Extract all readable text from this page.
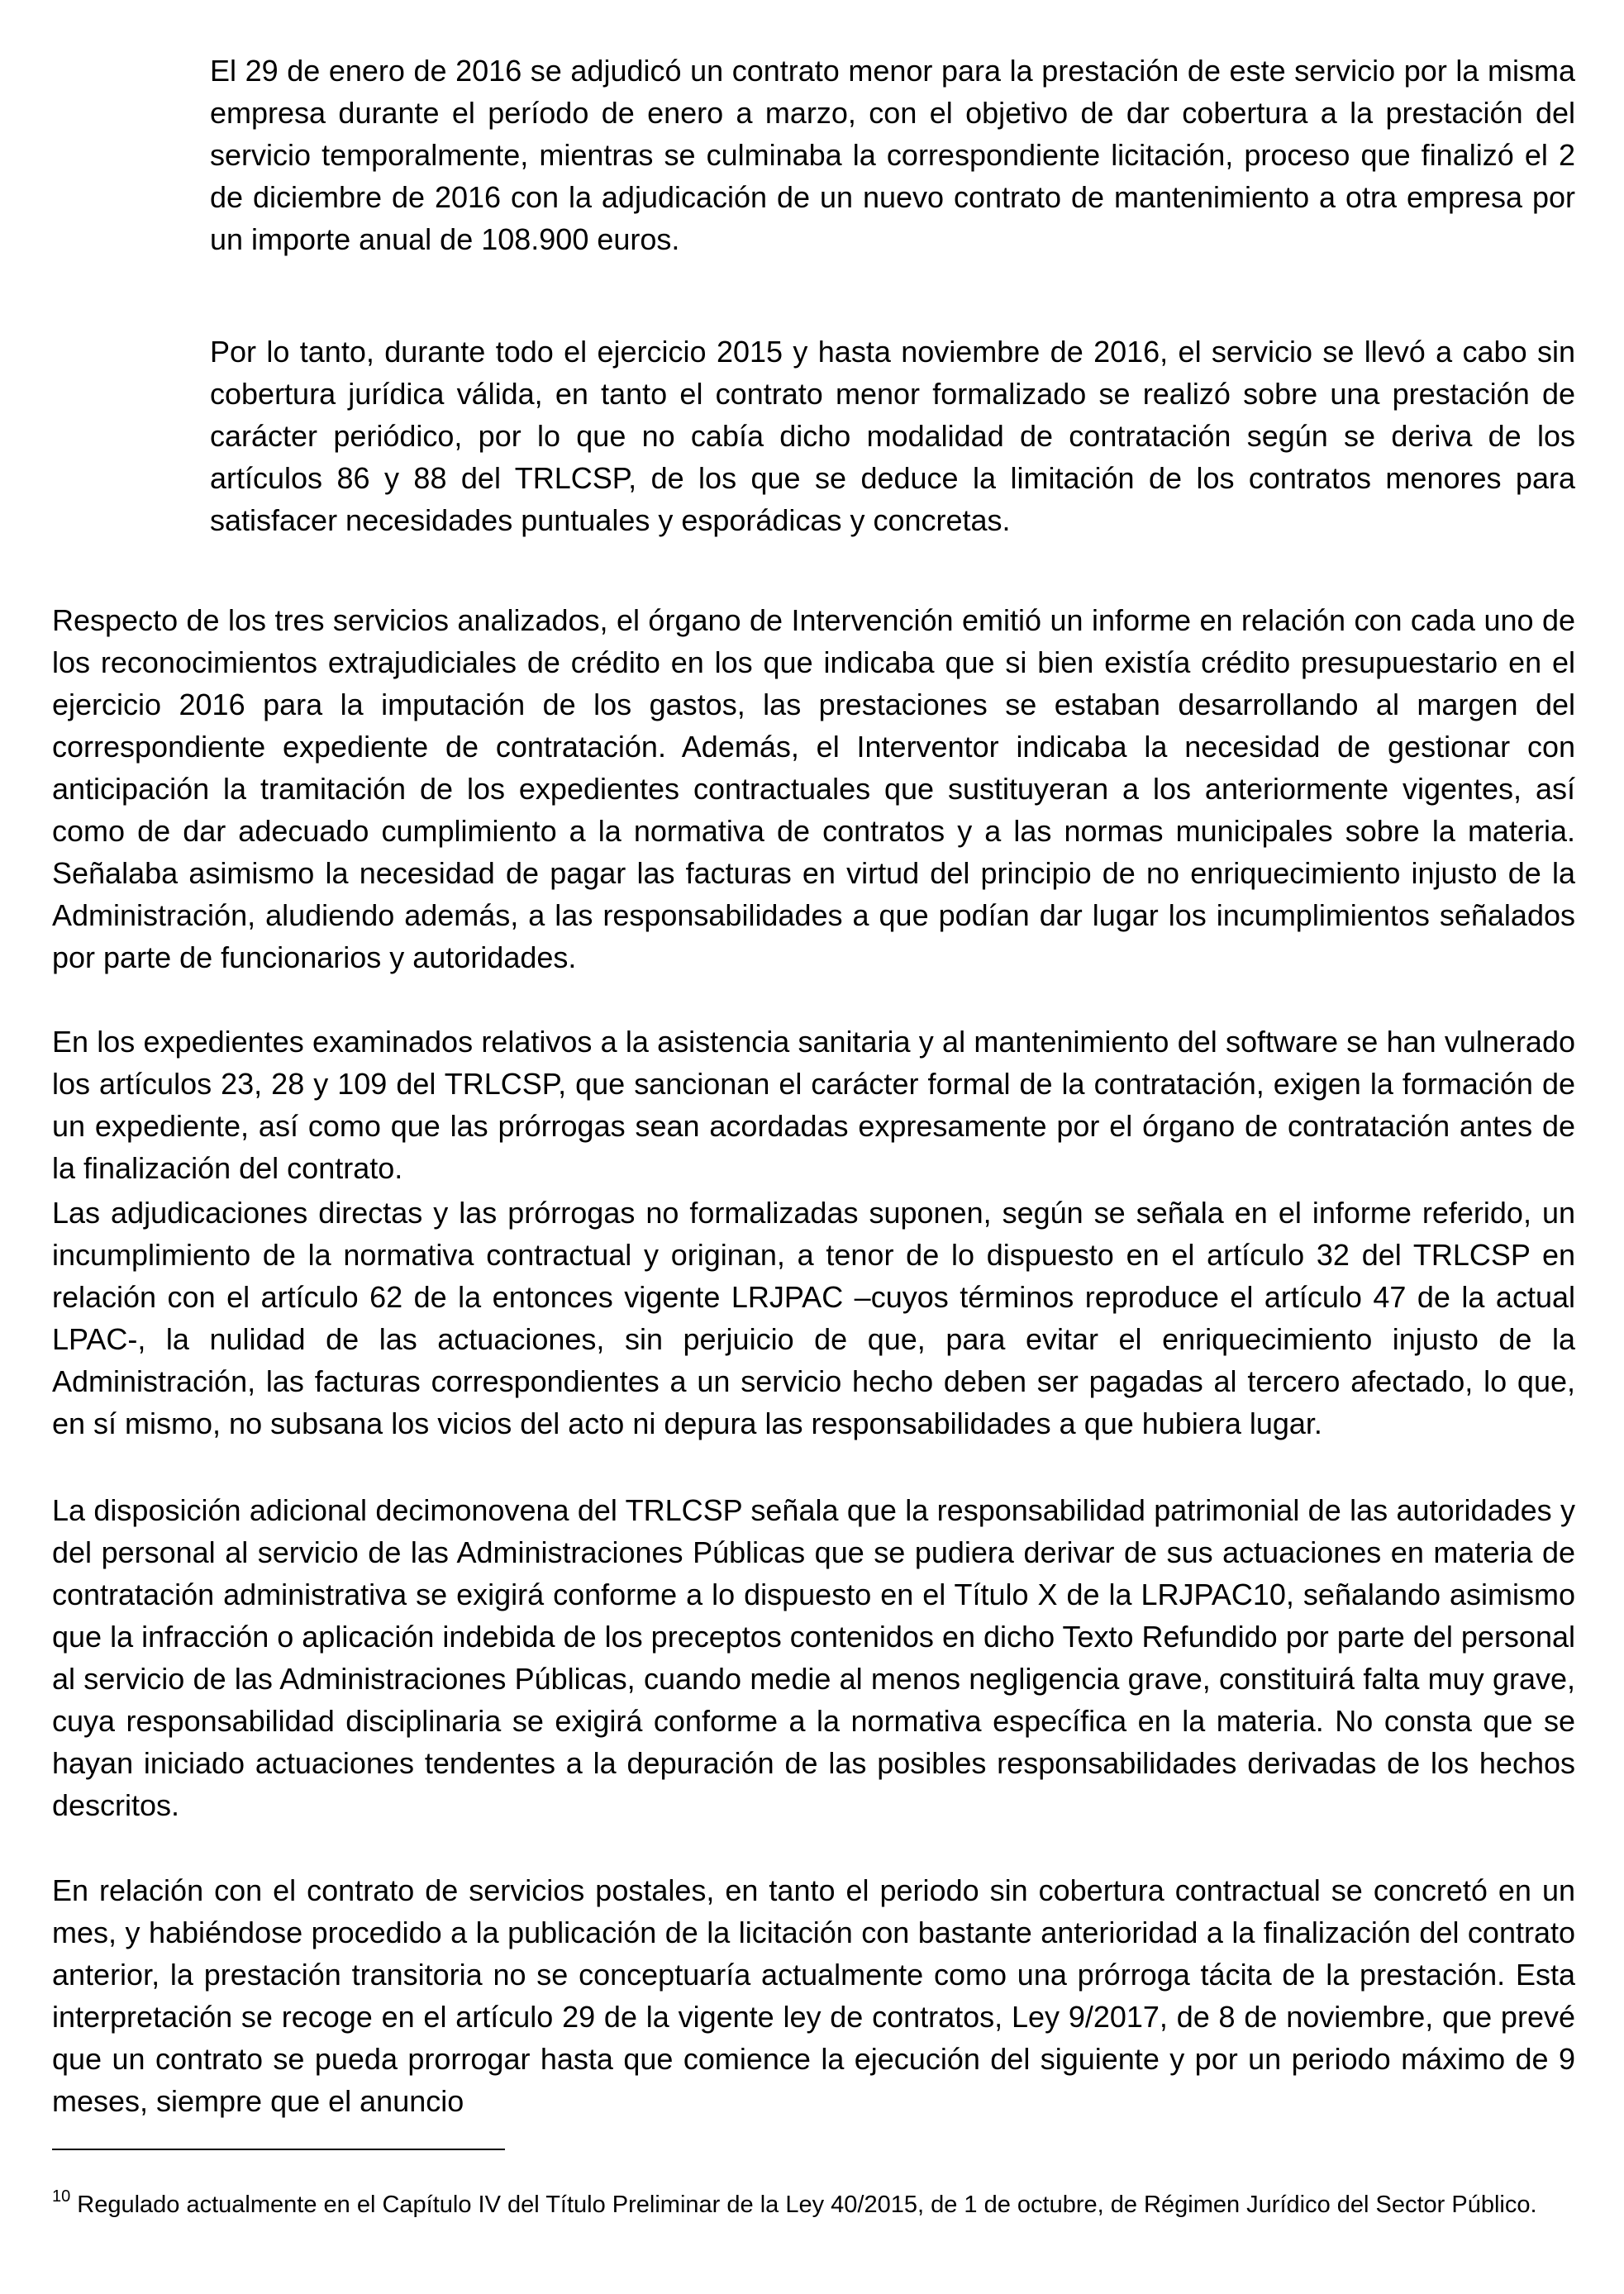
El 29 de enero de 2016 se adjudicó un contrato menor para la prestación de este servicio por la misma empresa durante el período de enero a marzo, con el objetivo de dar cobertura a la prestación del servicio temporalmente, mientras se culminaba la correspondiente licitación, proceso que finalizó el 2 de diciembre de 2016 con la adjudicación de un nuevo contrato de mantenimiento a otra empresa por un importe anual de 108.900 euros.

Por lo tanto, durante todo el ejercicio 2015 y hasta noviembre de 2016, el servicio se llevó a cabo sin cobertura jurídica válida, en tanto el contrato menor formalizado se realizó sobre una prestación de carácter periódico, por lo que no cabía dicho modalidad de contratación según se deriva de los artículos 86 y 88 del TRLCSP, de los que se deduce la limitación de los contratos menores para satisfacer necesidades puntuales y esporádicas y concretas.

Respecto de los tres servicios analizados, el órgano de Intervención emitió un informe en relación con cada uno de los reconocimientos extrajudiciales de crédito en los que indicaba que si bien existía crédito presupuestario en el ejercicio 2016 para la imputación de los gastos, las prestaciones se estaban desarrollando al margen del correspondiente expediente de contratación. Además, el Interventor indicaba la necesidad de gestionar con anticipación la tramitación de los expedientes contractuales que sustituyeran a los anteriormente vigentes, así como de dar adecuado cumplimiento a la normativa de contratos y a las normas municipales sobre la materia. Señalaba asimismo la necesidad de pagar las facturas en virtud del principio de no enriquecimiento injusto de la Administración, aludiendo además, a las responsabilidades a que podían dar lugar los incumplimientos señalados por parte de funcionarios y autoridades.

En los expedientes examinados relativos a la asistencia sanitaria y al mantenimiento del software se han vulnerado los artículos 23, 28 y 109 del TRLCSP, que sancionan el carácter formal de la contratación, exigen la formación de un expediente, así como que las prórrogas sean acordadas expresamente por el órgano de contratación antes de la finalización del contrato.

Las adjudicaciones directas y las prórrogas no formalizadas suponen, según se señala en el informe referido, un incumplimiento de la normativa contractual y originan, a tenor de lo dispuesto en el artículo 32 del TRLCSP en relación con el artículo 62 de la entonces vigente LRJPAC –cuyos términos reproduce el artículo 47 de la actual LPAC-, la nulidad de las actuaciones, sin perjuicio de que, para evitar el enriquecimiento injusto de la Administración, las facturas correspondientes a un servicio hecho deben ser pagadas al tercero afectado, lo que, en sí mismo, no subsana los vicios del acto ni depura las responsabilidades a que hubiera lugar.

La disposición adicional decimonovena del TRLCSP señala que la responsabilidad patrimonial de las autoridades y del personal al servicio de las Administraciones Públicas que se pudiera derivar de sus actuaciones en materia de contratación administrativa se exigirá conforme a lo dispuesto en el Título X de la LRJPAC10, señalando asimismo que la infracción o aplicación indebida de los preceptos contenidos en dicho Texto Refundido por parte del personal al servicio de las Administraciones Públicas, cuando medie al menos negligencia grave, constituirá falta muy grave, cuya responsabilidad disciplinaria se exigirá conforme a la normativa específica en la materia. No consta que se hayan iniciado actuaciones tendentes a la depuración de las posibles responsabilidades derivadas de los hechos descritos.

En relación con el contrato de servicios postales, en tanto el periodo sin cobertura contractual se concretó en un mes, y habiéndose procedido a la publicación de la licitación con bastante anterioridad a la finalización del contrato anterior, la prestación transitoria no se conceptuaría actualmente como una prórroga tácita de la prestación. Esta interpretación se recoge en el artículo 29 de la vigente ley de contratos, Ley 9/2017, de 8 de noviembre, que prevé que un contrato se pueda prorrogar hasta que comience la ejecución del siguiente y por un periodo máximo de 9 meses, siempre que el anuncio

$^{10}$ Regulado actualmente en el Capítulo IV del Título Preliminar de la Ley 40/2015, de 1 de octubre, de Régimen Jurídico del Sector Público.
